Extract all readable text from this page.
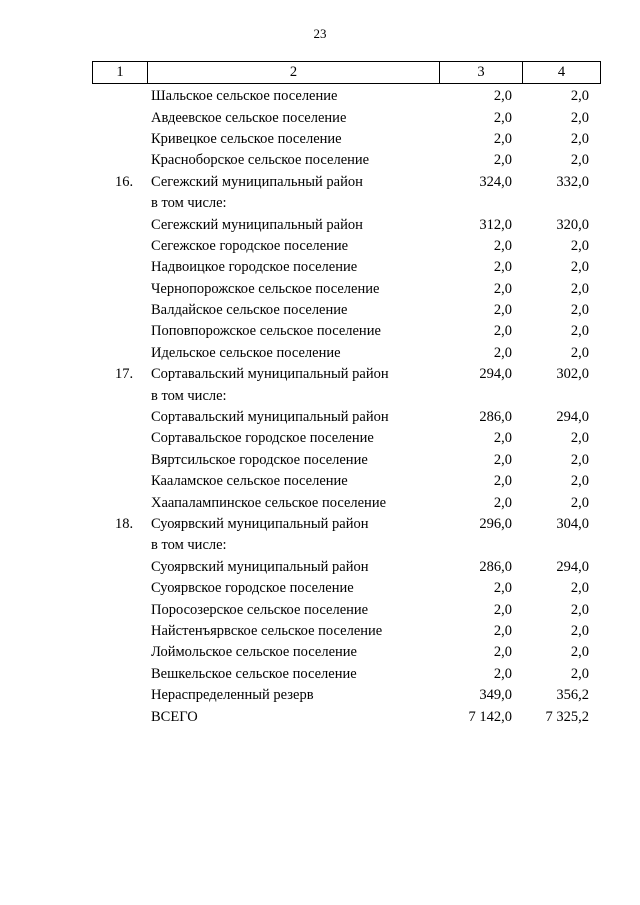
23
1	2	3	4
Шальское сельское поселение	2,0	2,0
Авдеевское сельское поселение	2,0	2,0
Кривецкое сельское поселение	2,0	2,0
Красноборское сельское поселение	2,0	2,0
16.	Сегежский муниципальный район	324,0	332,0
в том числе:
Сегежский муниципальный район	312,0	320,0
Сегежское городское поселение	2,0	2,0
Надвоицкое городское поселение	2,0	2,0
Чернопорожское сельское поселение	2,0	2,0
Валдайское сельское поселение	2,0	2,0
Поповпорожское сельское поселение	2,0	2,0
Идельское сельское поселение	2,0	2,0
17.	Сортавальский муниципальный район	294,0	302,0
в том числе:
Сортавальский муниципальный район	286,0	294,0
Сортавальское городское поселение	2,0	2,0
Вяртсильское городское поселение	2,0	2,0
Кааламское сельское поселение	2,0	2,0
Хаапалампинское сельское поселение	2,0	2,0
18.	Суоярвский муниципальный район	296,0	304,0
в том числе:
Суоярвский муниципальный район	286,0	294,0
Суоярвское городское поселение	2,0	2,0
Поросозерское сельское поселение	2,0	2,0
Найстенъярвское сельское поселение	2,0	2,0
Лоймольское сельское поселение	2,0	2,0
Вешкельское сельское поселение	2,0	2,0
Нераспределенный резерв	349,0	356,2
ВСЕГО	7 142,0	7 325,2
